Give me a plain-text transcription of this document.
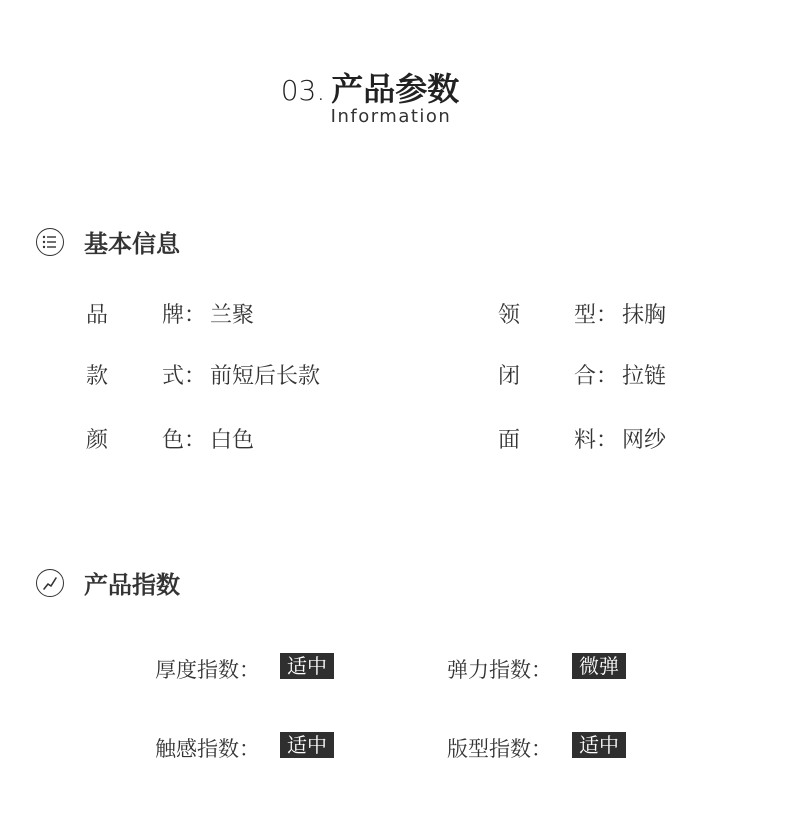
03. 产品参数
Information
基本信息
品 牌： 兰聚	领 型： 抹胸
款 式： 前短后长款	闭 合： 拉链
颜 色： 白色	面 料： 网纱
产品指数
厚度指数：	适中	弹力指数：	微弹
触感指数：	适中	版型指数：	适中
